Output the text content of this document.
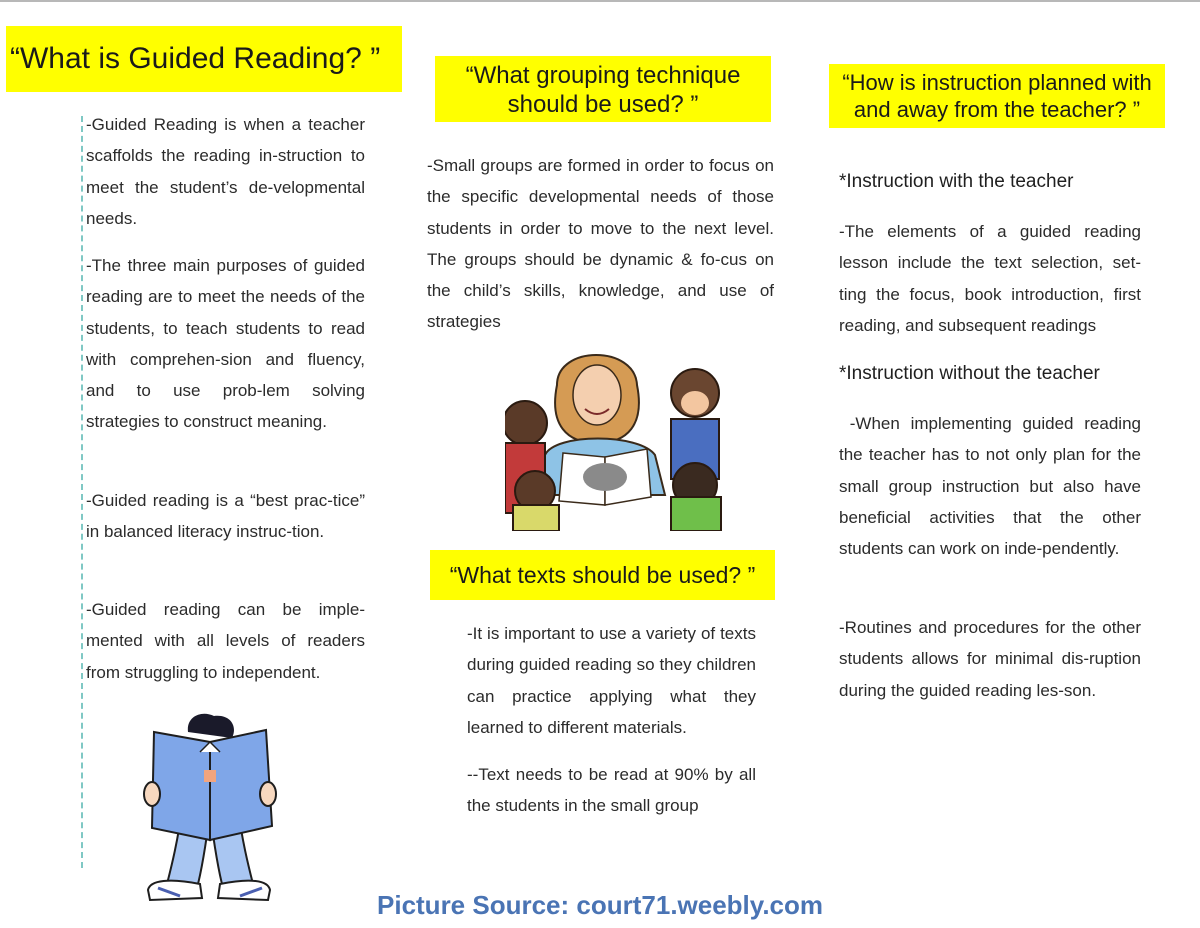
“What is Guided Reading? ”

-Guided Reading is when a teacher scaffolds the reading in-struction to meet the student’s de-velopmental needs.

-The three main purposes of guided reading are to meet the needs of the students, to teach students to read with comprehen-sion and fluency, and to use prob-lem solving strategies to construct meaning.

-Guided reading is a “best prac-tice” in balanced literacy instruc-tion.

-Guided reading can be imple-mented with all levels of readers from struggling to independent.

“What grouping technique should be used? ”

-Small groups are formed in order to focus on the specific developmental needs of those students in order to move to the next level. The groups should be dynamic & fo-cus on the child’s skills, knowledge, and use of strategies

“What texts should be used? ”

-It is important to use a variety of texts during guided reading so they children can practice applying what they learned to different materials.

--Text needs to be read at 90% by all the students in the small group

“How is instruction planned with and away from the teacher? ”

*Instruction with the teacher

-The elements of a guided reading lesson include the text selection, set-ting the focus, book introduction, first reading, and subsequent readings

*Instruction without the teacher

-When implementing guided reading the teacher has to not only plan for the small group instruction but also have beneficial activities that the other students can work on inde-pendently.

-Routines and procedures for the other students allows for minimal dis-ruption during the guided reading les-son.

Picture Source: court71.weebly.com
